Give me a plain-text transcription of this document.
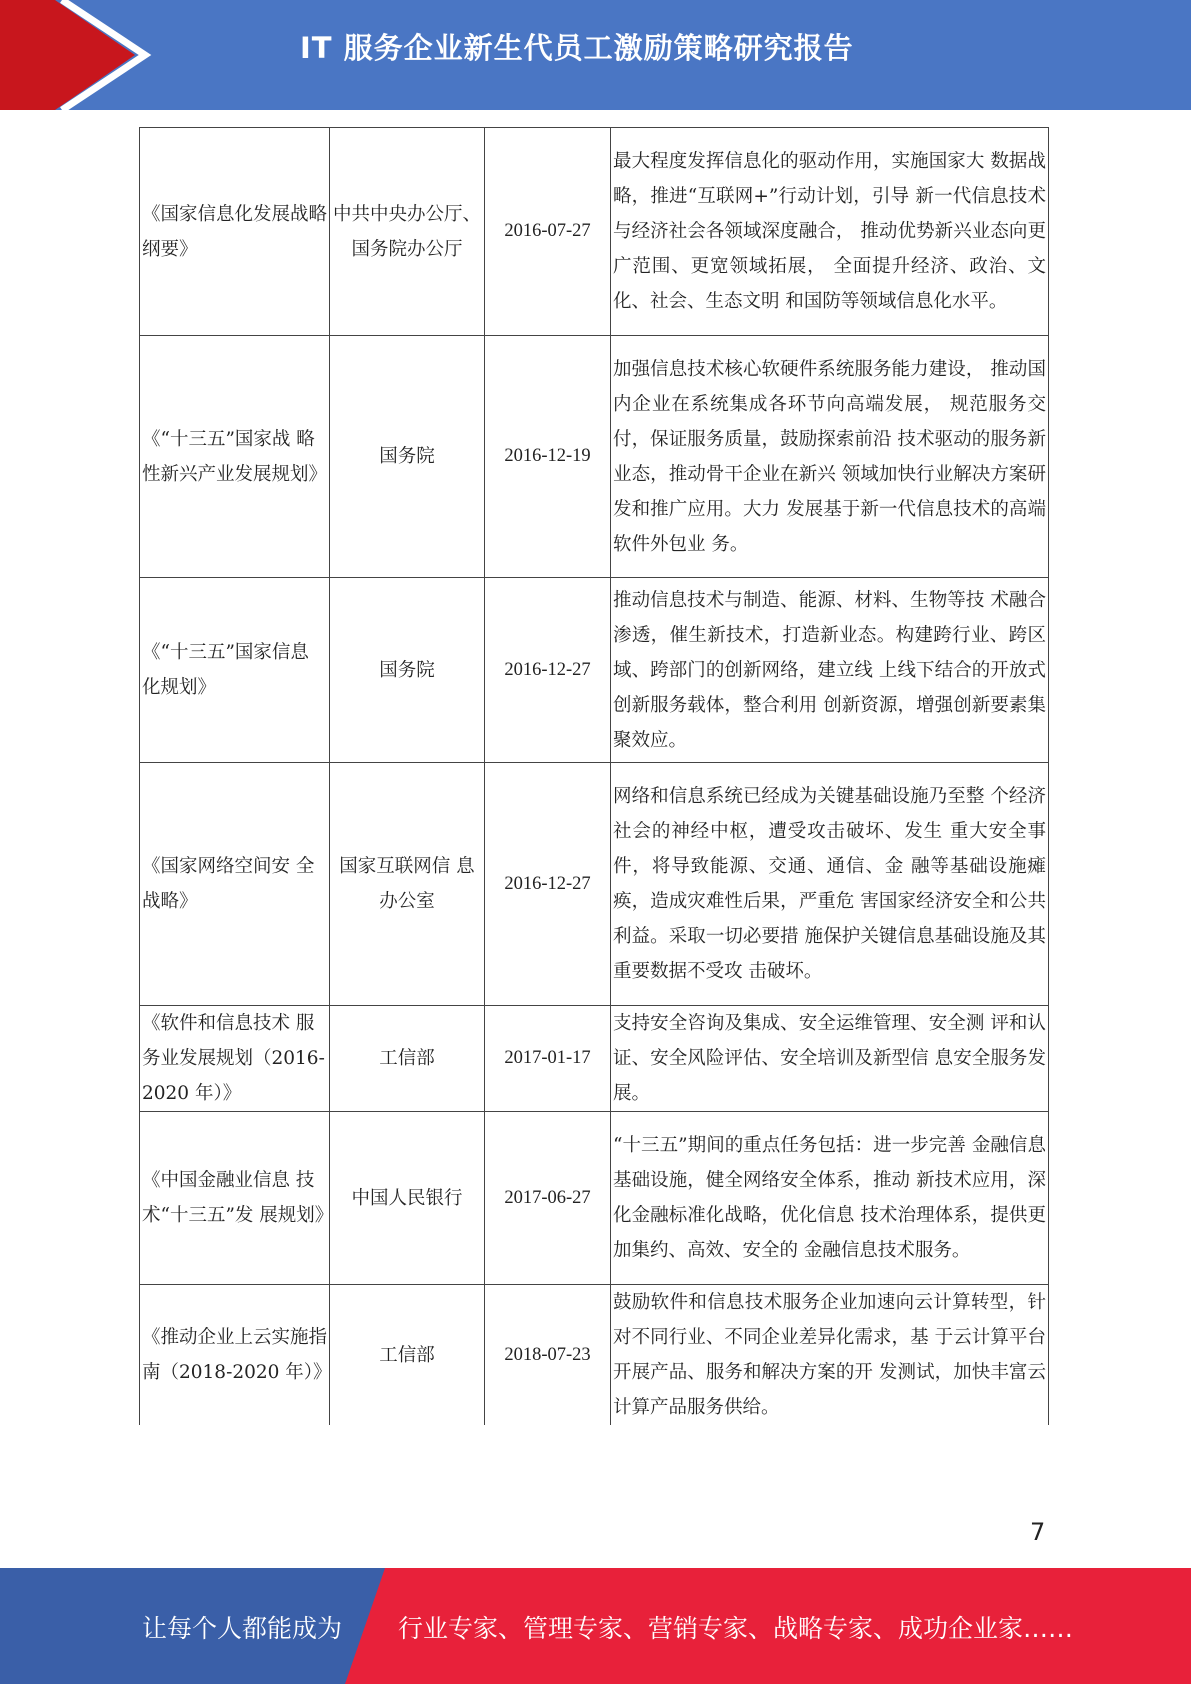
IT 服务企业新生代员工激励策略研究报告
《国家信息化发展战略纲要》	中共中央办公厅、国务院办公厅	2016-07-27	最大程度发挥信息化的驱动作用，实施国家大 数据战略，推进“互联网+”行动计划，引导 新一代信息技术与经济社会各领域深度融合， 推动优势新兴业态向更广范围、更宽领域拓展， 全面提升经济、政治、文化、社会、生态文明 和国防等领域信息化水平。
《“十三五”国家战 略性新兴产业发展规划》	国务院	2016-12-19	加强信息技术核心软硬件系统服务能力建设， 推动国内企业在系统集成各环节向高端发展， 规范服务交付，保证服务质量，鼓励探索前沿 技术驱动的服务新业态，推动骨干企业在新兴 领域加快行业解决方案研发和推广应用。大力 发展基于新一代信息技术的高端软件外包业 务。
《“十三五”国家信息化规划》	国务院	2016-12-27	推动信息技术与制造、能源、材料、生物等技 术融合渗透，催生新技术，打造新业态。构建跨行业、跨区域、跨部门的创新网络，建立线 上线下结合的开放式创新服务载体，整合利用 创新资源，增强创新要素集聚效应。
《国家网络空间安 全战略》	国家互联网信 息办公室	2016-12-27	网络和信息系统已经成为关键基础设施乃至整 个经济社会的神经中枢，遭受攻击破坏、发生 重大安全事件，将导致能源、交通、通信、金 融等基础设施瘫痪，造成灾难性后果，严重危 害国家经济安全和公共利益。采取一切必要措 施保护关键信息基础设施及其重要数据不受攻 击破坏。
《软件和信息技术 服务业发展规划（2016-2020 年）》	工信部	2017-01-17	支持安全咨询及集成、安全运维管理、安全测 评和认证、安全风险评估、安全培训及新型信 息安全服务发展。
《中国金融业信息 技术“十三五”发 展规划》	中国人民银行	2017-06-27	“十三五”期间的重点任务包括：进一步完善 金融信息基础设施，健全网络安全体系，推动 新技术应用，深化金融标准化战略，优化信息 技术治理体系，提供更加集约、高效、安全的 金融信息技术服务。
《推动企业上云实施指南（2018-2020 年）》	工信部	2018-07-23	鼓励软件和信息技术服务企业加速向云计算转型，针对不同行业、不同企业差异化需求，基 于云计算平台开展产品、服务和解决方案的开 发测试，加快丰富云计算产品服务供给。
7
让每个人都能成为 行业专家、管理专家、营销专家、战略专家、成功企业家……
